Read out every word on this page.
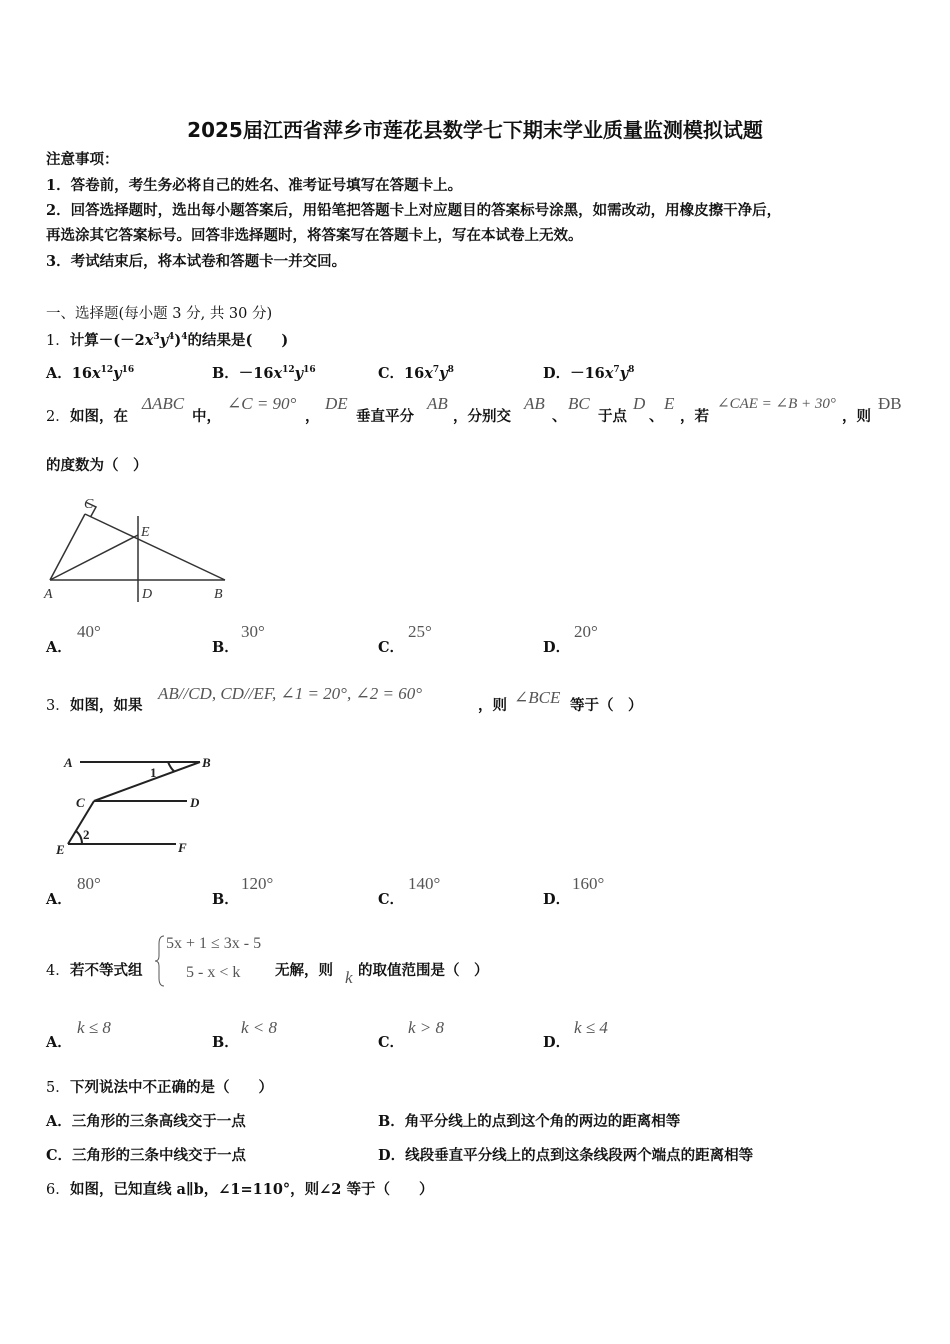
2025届江西省萍乡市莲花县数学七下期末学业质量监测模拟试题
注意事项：
1．答卷前，考生务必将自己的姓名、准考证号填写在答题卡上。
2．回答选择题时，选出每小题答案后，用铅笔把答题卡上对应题目的答案标号涂黑，如需改动，用橡皮擦干净后，
再选涂其它答案标号。回答非选择题时，将答案写在答题卡上，写在本试卷上无效。
3．考试结束后，将本试卷和答题卡一并交回。
一、选择题(每小题 3 分, 共 30 分)
1．计算$-(-2x^3y^4)^4$的结果是(　　)
A．$16x^{12}y^{16}$	B．$-16x^{12}y^{16}$	C．$16x^7y^8$	D．$-16x^7y^8$
2． 如图，在
ΔABC
中，
∠C = 90°
，
DE
垂直平分
AB
，分别交
AB
、
BC
于点
D
、
E
，若
∠CAE = ∠B + 30°
，则
ÐB
的度数为（　）
C
E
A	D	B
A．
40°
B．
30°
C．
25°
D．
20°
3． 如图，如果
AB//CD, CD//EF, ∠1 = 20°, ∠2 = 60°
，则 ∠BCE 等于（　）
A	B
C	D
E	F
1
2
A．
80°
B．
120°
C．
140°
D．
160°
4． 若不等式组
5x + 1 ≤ 3x - 5
5 - x < k 无解，则 k 的取值范围是（　）
A．
k ≤ 8
B．
k < 8
C．
k > 8
D．
k ≤ 4
5． 下列说法中不正确的是（　　）
A．三角形的三条高线交于一点	B．角平分线上的点到这个角的两边的距离相等
C．三角形的三条中线交于一点	D．线段垂直平分线上的点到这条线段两个端点的距离相等
6． 如图，已知直线 a∥b，∠1=110°，则∠2 等于（　　）
